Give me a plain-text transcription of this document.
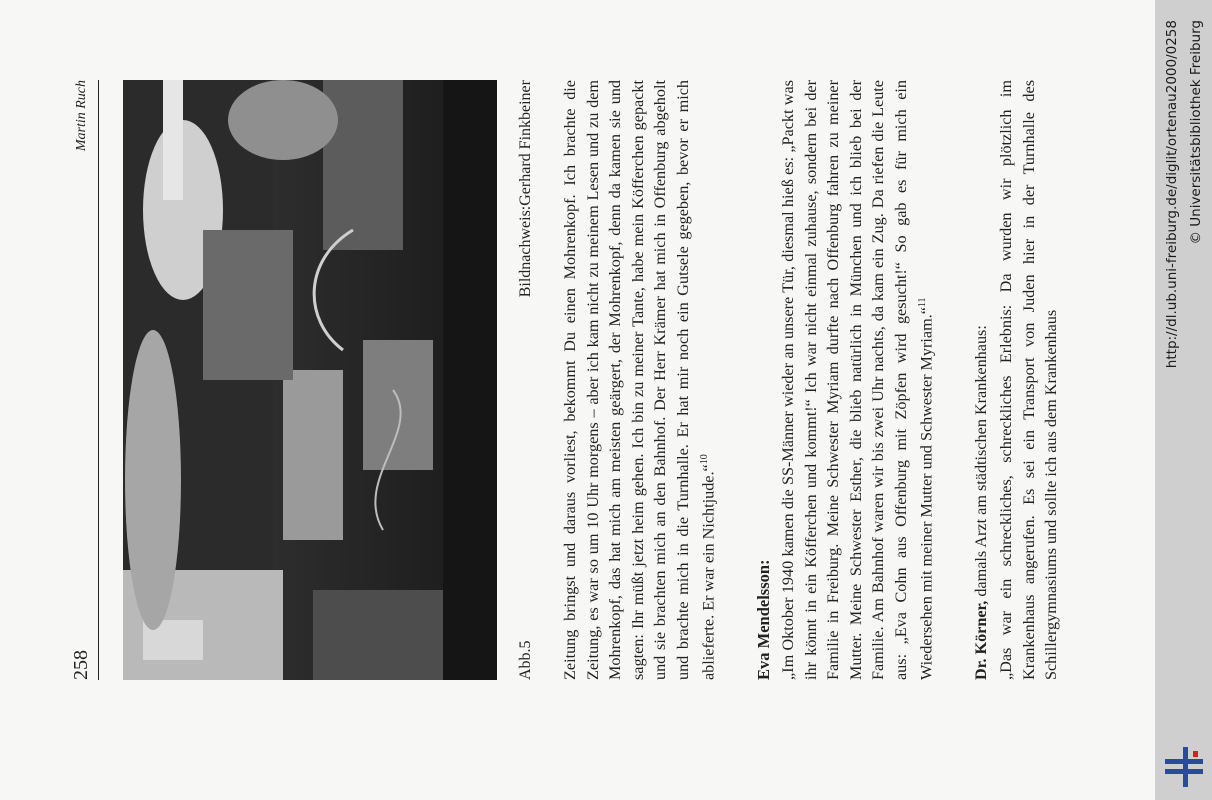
258
Martin Ruch
Abb.5
Bildnachweis:Gerhard Finkbeiner Zeitung bringst und daraus vorliest, bekommt Du einen Mohrenkopf. Ich brachte die Zeitung, es war so um 10 Uhr morgens – aber ich kam nicht zu meinem Lesen und zu dem Mohrenkopf, das hat mich am meisten geärgert, der Mohrenkopf, denn da kamen sie und sagten: Ihr müßt jetzt heim gehen. Ich bin zu meiner Tante, habe mein Köfferchen gepackt und sie brachten mich an den Bahnhof. Der Herr Krämer hat mich in Offenburg abgeholt und brachte mich in die Turnhalle. Er hat mir noch ein Gutsele gegeben, bevor er mich ablieferte. Er war ein Nichtjude.“$^{10}$

Eva Mendelsson: „Im Oktober 1940 kamen die SS-Männer wieder an unsere Tür, diesmal hieß es: „Packt was ihr könnt in ein Köfferchen und kommt!“ Ich war nicht einmal zuhause, sondern bei der Familie in Freiburg. Meine Schwester Myriam durfte nach Offenburg fahren zu meiner Mutter. Meine Schwester Esther, die blieb natürlich in München und ich blieb bei der Familie. Am Bahnhof waren wir bis zwei Uhr nachts, da kam ein Zug. Da riefen die Leute aus: „Eva Cohn aus Offenburg mit Zöpfen wird gesucht!“ So gab es für mich ein Wiedersehen mit meiner Mutter und Schwester Myriam.“$^{11}$

Dr. Körner, damals Arzt am städtischen Krankenhaus: „Das war ein schreckliches, schreckliches Erlebnis: Da wurden wir plötzlich im Krankenhaus angerufen. Es sei ein Transport von Juden hier in der Turnhalle des Schillergymnasiums und sollte ich aus dem Krankenhaus

http://dl.ub.uni-freiburg.de/diglit/ortenau2000/0258 © Universitätsbibliothek Freiburg
